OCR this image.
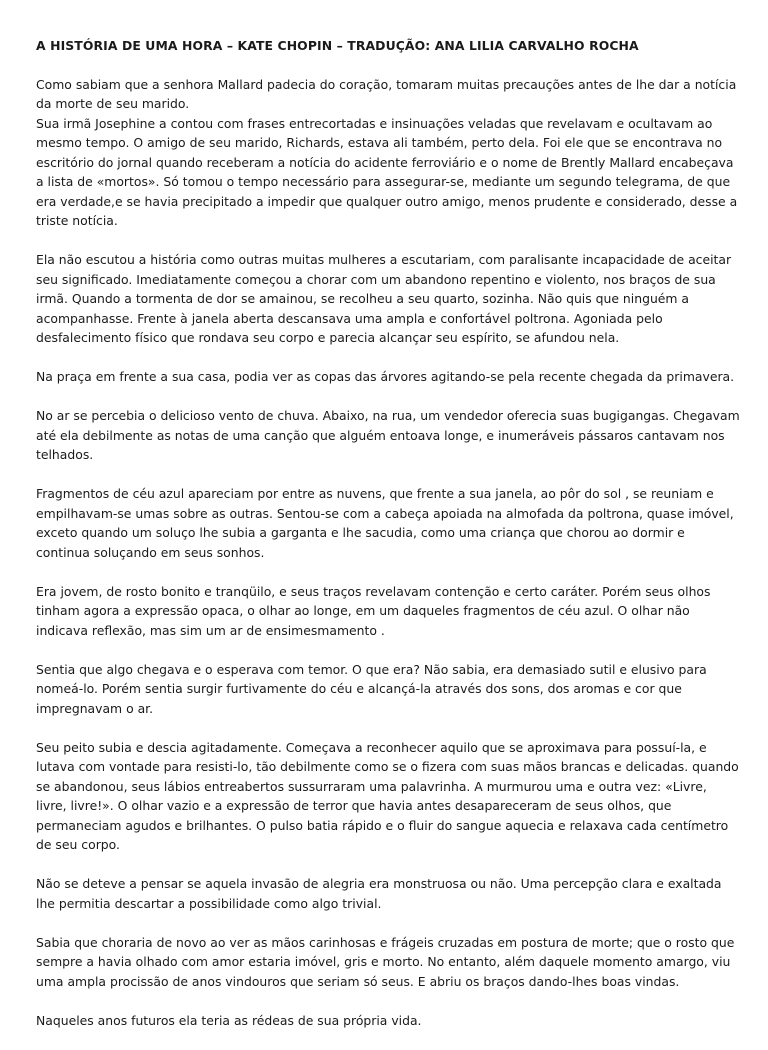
A HISTÓRIA DE UMA HORA – KATE CHOPIN – TRADUÇÃO: ANA LILIA CARVALHO ROCHA

Como sabiam que a senhora Mallard padecia do coração, tomaram muitas precauções antes de lhe dar a notícia da morte de seu marido.
Sua irmã Josephine a contou com frases entrecortadas e insinuações veladas que revelavam e ocultavam ao mesmo tempo. O amigo de seu marido, Richards, estava ali também, perto dela. Foi ele que se encontrava no escritório do jornal quando receberam a notícia do acidente ferroviário e o nome de Brently Mallard encabeçava a lista de «mortos». Só tomou o tempo necessário para assegurar-se, mediante um segundo telegrama, de que era verdade,e se havia precipitado a impedir que qualquer outro amigo, menos prudente e considerado, desse a triste notícia.

Ela não escutou a história como outras muitas mulheres a escutariam, com paralisante incapacidade de aceitar seu significado. Imediatamente começou a chorar com um abandono repentino e violento, nos braços de sua irmã. Quando a tormenta de dor se amainou, se recolheu a seu quarto, sozinha. Não quis que ninguém a acompanhasse. Frente à janela aberta descansava uma ampla e confortável poltrona. Agoniada pelo desfalecimento físico que rondava seu corpo e parecia alcançar seu espírito, se afundou nela.

Na praça em frente a sua casa, podia ver as copas das árvores agitando-se pela recente chegada da primavera.

No ar se percebia o delicioso vento de chuva. Abaixo, na rua, um vendedor oferecia suas bugigangas. Chegavam até ela debilmente as notas de uma canção que alguém entoava longe, e inumeráveis pássaros cantavam nos telhados.

Fragmentos de céu azul apareciam por entre as nuvens, que frente a sua janela, ao pôr do sol , se reuniam e empilhavam-se umas sobre as outras. Sentou-se com a cabeça apoiada na almofada da poltrona, quase imóvel, exceto quando um soluço lhe subia a garganta e lhe sacudia, como uma criança que chorou ao dormir e continua soluçando em seus sonhos.

Era jovem, de rosto bonito e tranqüilo, e seus traços revelavam contenção e certo caráter. Porém seus olhos tinham agora a expressão opaca, o olhar ao longe, em um daqueles fragmentos de céu azul. O olhar não indicava reflexão, mas sim um ar de ensimesmamento .

Sentia que algo chegava e o esperava com temor. O que era? Não sabia, era demasiado sutil e elusivo para nomeá-lo. Porém sentia surgir furtivamente do céu e alcançá-la através dos sons, dos aromas e cor que impregnavam o ar.

Seu peito subia e descia agitadamente. Começava a reconhecer aquilo que se aproximava para possuí-la, e lutava com vontade para resisti-lo, tão debilmente como se o fizera com suas mãos brancas e delicadas. quando se abandonou, seus lábios entreabertos sussurraram uma palavrinha. A murmurou uma e outra vez: «Livre, livre, livre!». O olhar vazio e a expressão de terror que havia antes desapareceram de seus olhos, que permaneciam agudos e brilhantes. O pulso batia rápido e o fluir do sangue aquecia e relaxava cada centímetro de seu corpo.

Não se deteve a pensar se aquela invasão de alegria era monstruosa ou não. Uma percepção clara e exaltada lhe permitia descartar a possibilidade como algo trivial.

Sabia que choraria de novo ao ver as mãos carinhosas e frágeis cruzadas em postura de morte; que o rosto que sempre a havia olhado com amor estaria imóvel, gris e morto. No entanto, além daquele momento amargo, viu uma ampla procissão de anos vindouros que seriam só seus. E abriu os braços dando-lhes boas vindas.

Naqueles anos futuros ela teria as rédeas de sua própria vida.
